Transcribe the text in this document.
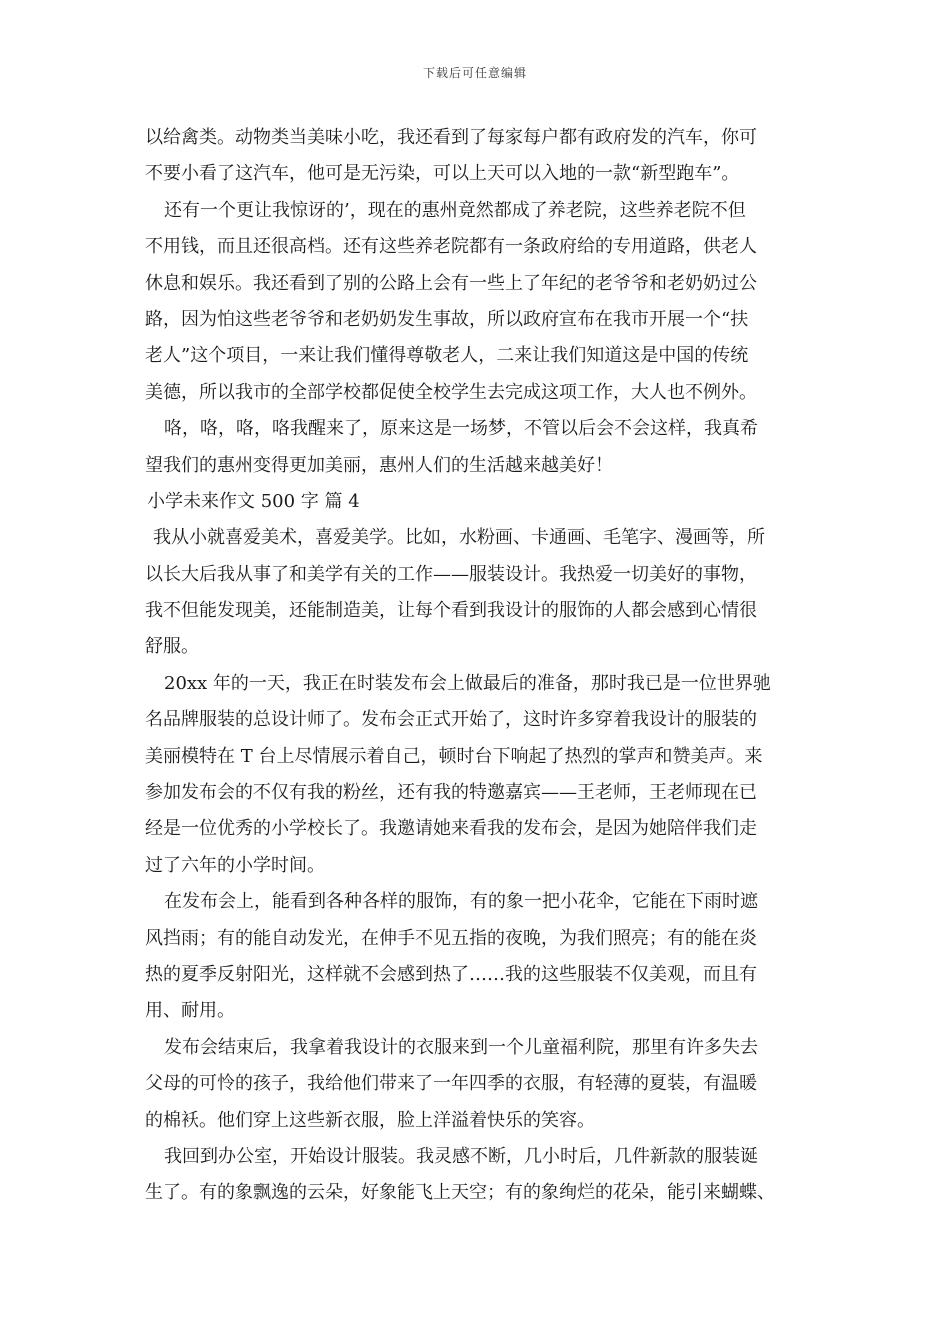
下载后可任意编辑
以给禽类。动物类当美味小吃，我还看到了每家每户都有政府发的汽车，你可
不要小看了这汽车，他可是无污染，可以上天可以入地的一款“新型跑车”。
还有一个更让我惊讶的’，现在的惠州竟然都成了养老院，这些养老院不但
不用钱，而且还很高档。还有这些养老院都有一条政府给的专用道路，供老人
休息和娱乐。我还看到了别的公路上会有一些上了年纪的老爷爷和老奶奶过公
路，因为怕这些老爷爷和老奶奶发生事故，所以政府宣布在我市开展一个“扶
老人”这个项目，一来让我们懂得尊敬老人，二来让我们知道这是中国的传统
美德，所以我市的全部学校都促使全校学生去完成这项工作，大人也不例外。
咯，咯，咯，咯我醒来了，原来这是一场梦，不管以后会不会这样，我真希
望我们的惠州变得更加美丽，惠州人们的生活越来越美好！
小学未来作文 500 字 篇 4
我从小就喜爱美术，喜爱美学。比如，水粉画、卡通画、毛笔字、漫画等，所
以长大后我从事了和美学有关的工作——服装设计。我热爱一切美好的事物，
我不但能发现美，还能制造美，让每个看到我设计的服饰的人都会感到心情很
舒服。
20xx 年的一天，我正在时装发布会上做最后的准备，那时我已是一位世界驰
名品牌服装的总设计师了。发布会正式开始了，这时许多穿着我设计的服装的
美丽模特在 T 台上尽情展示着自己，顿时台下响起了热烈的掌声和赞美声。来
参加发布会的不仅有我的粉丝，还有我的特邀嘉宾——王老师，王老师现在已
经是一位优秀的小学校长了。我邀请她来看我的发布会，是因为她陪伴我们走
过了六年的小学时间。
在发布会上，能看到各种各样的服饰，有的象一把小花伞，它能在下雨时遮
风挡雨；有的能自动发光，在伸手不见五指的夜晚，为我们照亮；有的能在炎
热的夏季反射阳光，这样就不会感到热了……我的这些服装不仅美观，而且有
用、耐用。
发布会结束后，我拿着我设计的衣服来到一个儿童福利院，那里有许多失去
父母的可怜的孩子，我给他们带来了一年四季的衣服，有轻薄的夏装，有温暖
的棉袄。他们穿上这些新衣服，脸上洋溢着快乐的笑容。
我回到办公室，开始设计服装。我灵感不断，几小时后，几件新款的服装诞
生了。有的象飘逸的云朵，好象能飞上天空；有的象绚烂的花朵，能引来蝴蝶、
